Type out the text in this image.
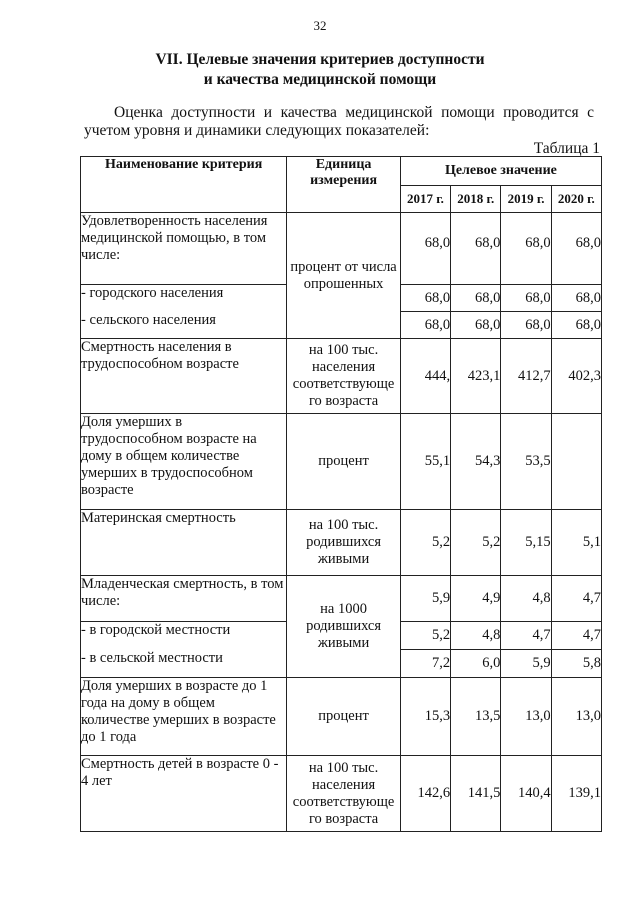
32
VII. Целевые значения критериев доступности
и качества медицинской помощи
Оценка доступности и качества медицинской помощи проводится с учетом уровня и динамики следующих показателей:
Таблица 1
Наименование критерия	Единица измерения	Целевое значение			
		2017 г.	2018 г.	2019 г.	2020 г.
Удовлетворенность населения медицинской помощью, в том числе:	процент от числа опрошенных	68,0	68,0	68,0	68,0
- городского населения		68,0	68,0	68,0	68,0
- сельского населения		68,0	68,0	68,0	68,0
Смертность населения в трудоспособном возрасте	на 100 тыс. населения соответствующе го возраста	444,	423,1	412,7	402,3
Доля умерших в трудоспособном возрасте на дому в общем количестве умерших в трудоспособном возрасте	процент	55,1	54,3	53,5	
Материнская смертность	на 100 тыс. родившихся живыми	5,2	5,2	5,15	5,1
Младенческая смертность, в том числе:	на 1000 родившихся живыми	5,9	4,9	4,8	4,7
- в городской местности		5,2	4,8	4,7	4,7
- в сельской местности		7,2	6,0	5,9	5,8
Доля умерших в возрасте до 1 года на дому в общем количестве умерших в возрасте до 1 года	процент	15,3	13,5	13,0	13,0
Смертность детей в возрасте 0 - 4 лет	на 100 тыс. населения соответствующе го возраста	142,6	141,5	140,4	139,1
